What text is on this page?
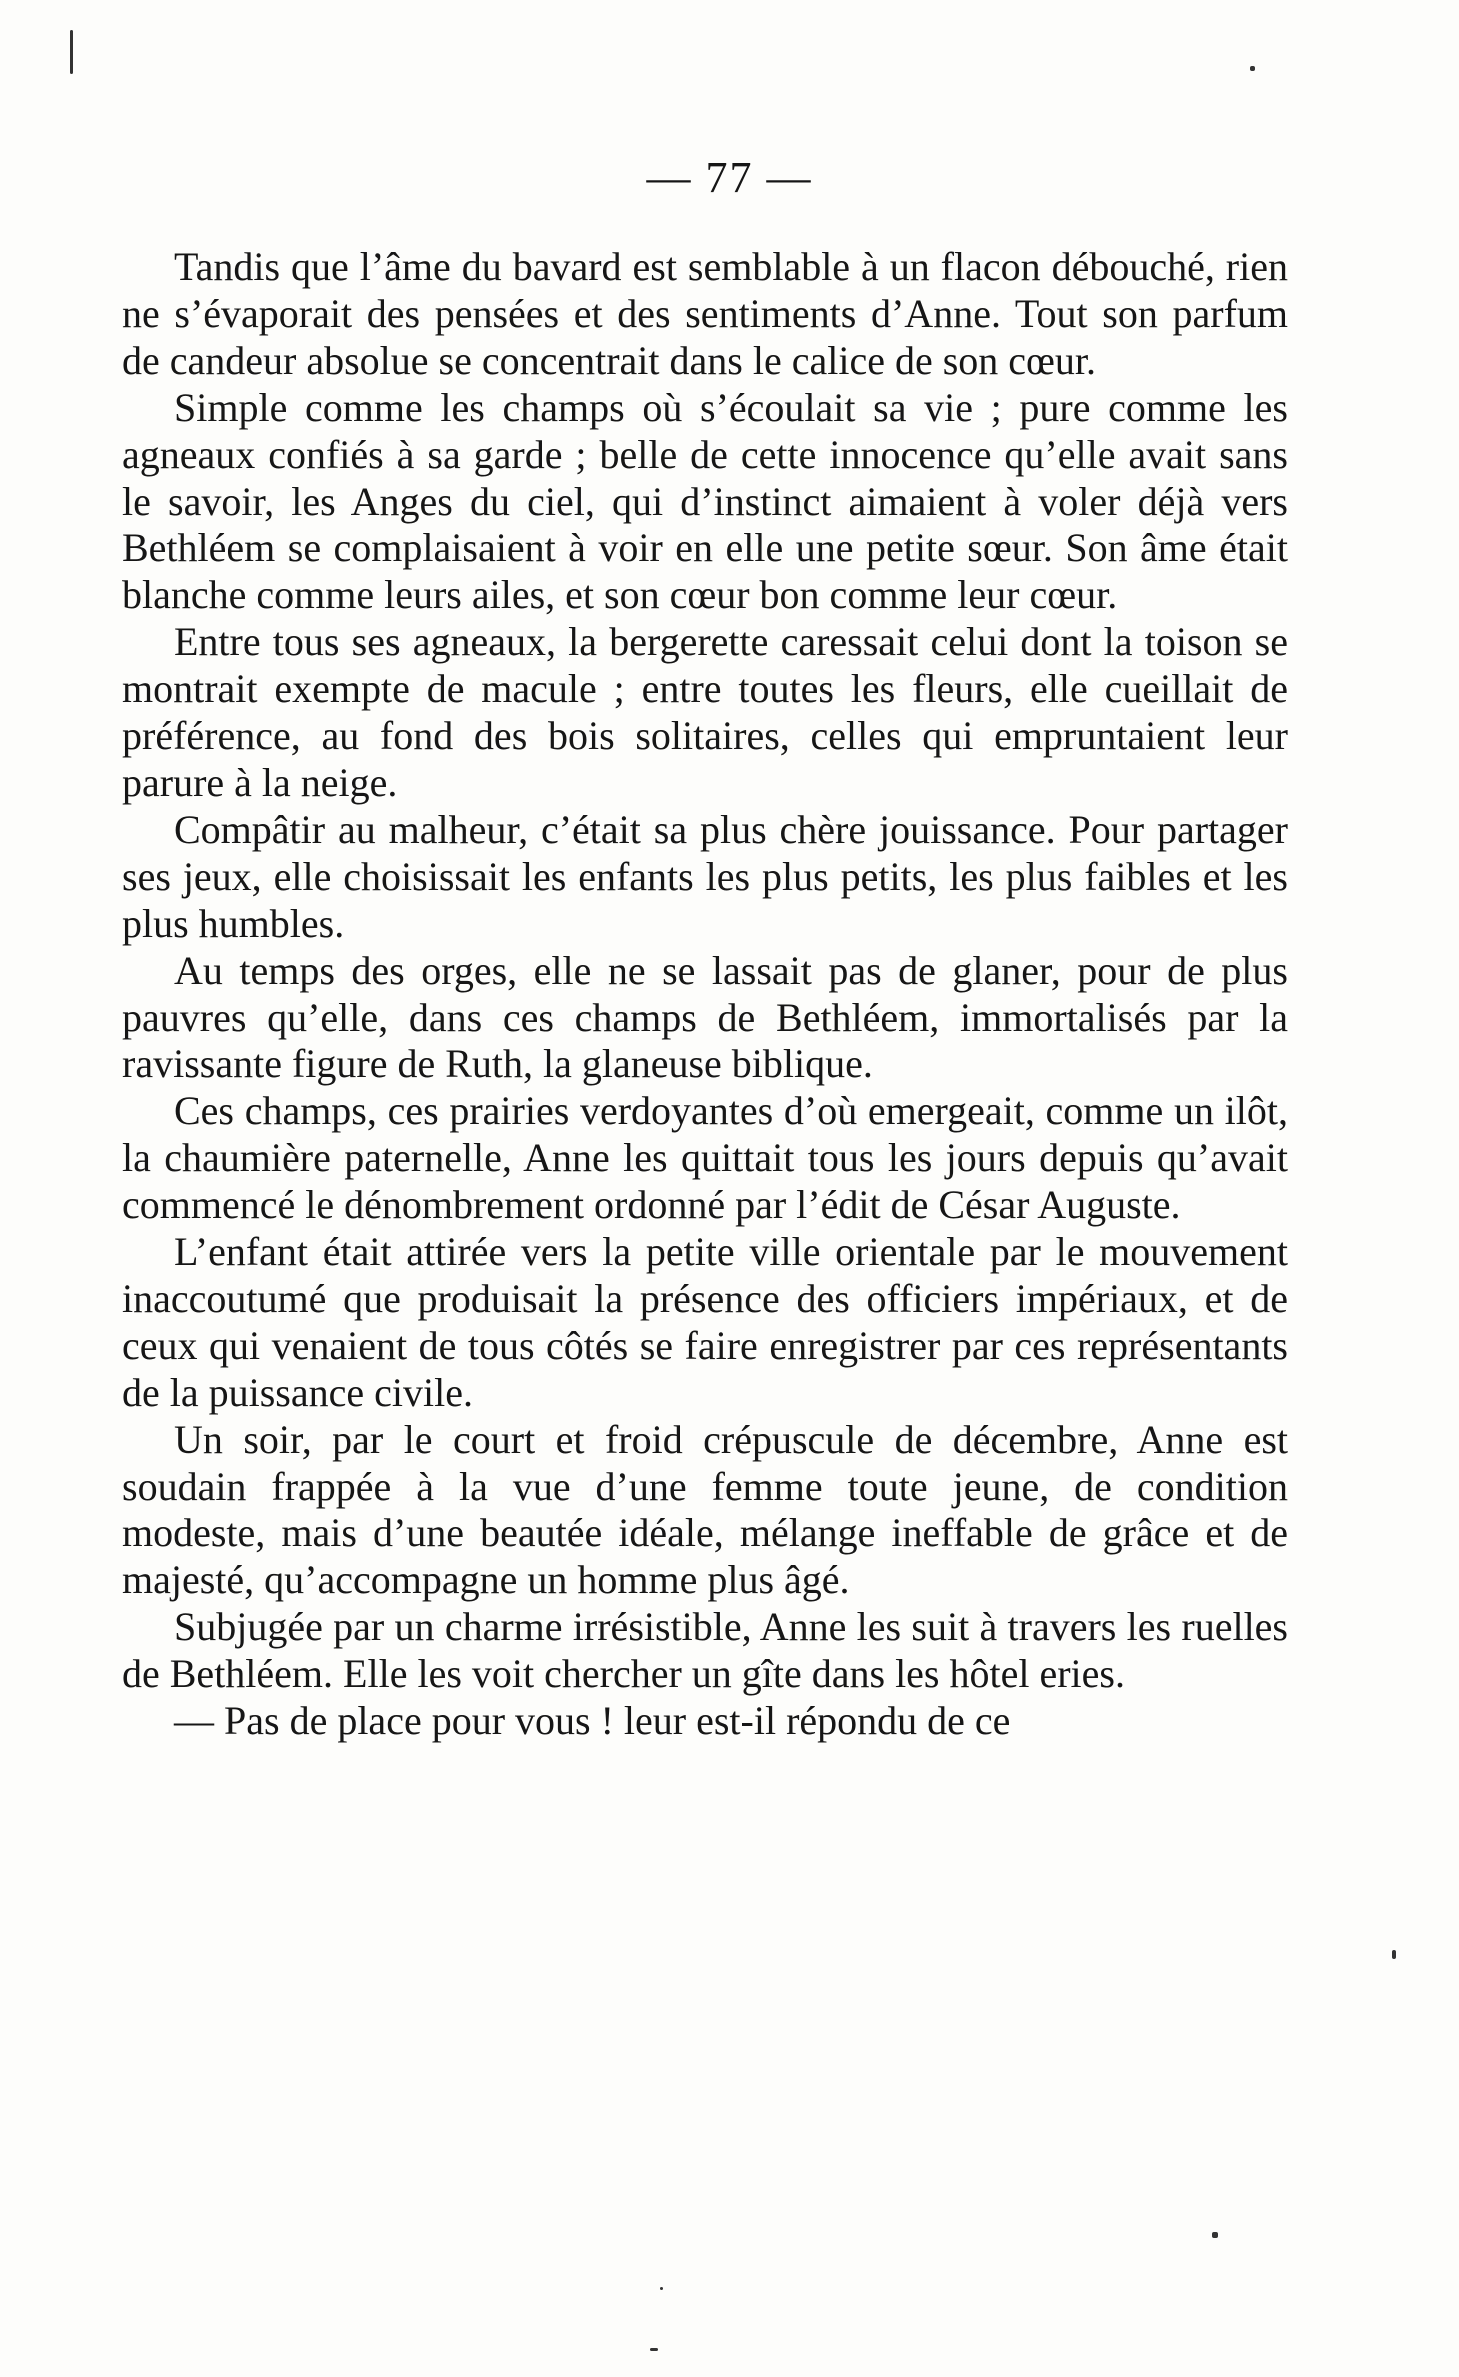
— 77 —

Tandis que l’âme du bavard est semblable à un flacon débouché, rien ne s’évaporait des pensées et des sentiments d’Anne. Tout son parfum de candeur absolue se concentrait dans le calice de son cœur.

Simple comme les champs où s’écoulait sa vie ; pure comme les agneaux confiés à sa garde ; belle de cette innocence qu’elle avait sans le savoir, les Anges du ciel, qui d’instinct aimaient à voler déjà vers Bethléem se complaisaient à voir en elle une petite sœur. Son âme était blanche comme leurs ailes, et son cœur bon comme leur cœur.

Entre tous ses agneaux, la bergerette caressait celui dont la toison se montrait exempte de macule ; entre toutes les fleurs, elle cueillait de préférence, au fond des bois solitaires, celles qui empruntaient leur parure à la neige.

Compâtir au malheur, c’était sa plus chère jouissance. Pour partager ses jeux, elle choisissait les enfants les plus petits, les plus faibles et les plus humbles.

Au temps des orges, elle ne se lassait pas de glaner, pour de plus pauvres qu’elle, dans ces champs de Bethléem, immortalisés par la ravissante figure de Ruth, la glaneuse biblique.

Ces champs, ces prairies verdoyantes d’où emergeait, comme un ilôt, la chaumière paternelle, Anne les quittait tous les jours depuis qu’avait commencé le dénombrement ordonné par l’édit de César Auguste.

L’enfant était attirée vers la petite ville orientale par le mouvement inaccoutumé que produisait la présence des officiers impériaux, et de ceux qui venaient de tous côtés se faire enregistrer par ces représentants de la puissance civile.

Un soir, par le court et froid crépuscule de décembre, Anne est soudain frappée à la vue d’une femme toute jeune, de condition modeste, mais d’une beautée idéale, mélange ineffable de grâce et de majesté, qu’accompagne un homme plus âgé.

Subjugée par un charme irrésistible, Anne les suit à travers les ruelles de Bethléem. Elle les voit chercher un gîte dans les hôtel eries.

— Pas de place pour vous ! leur est-il répondu de ce
